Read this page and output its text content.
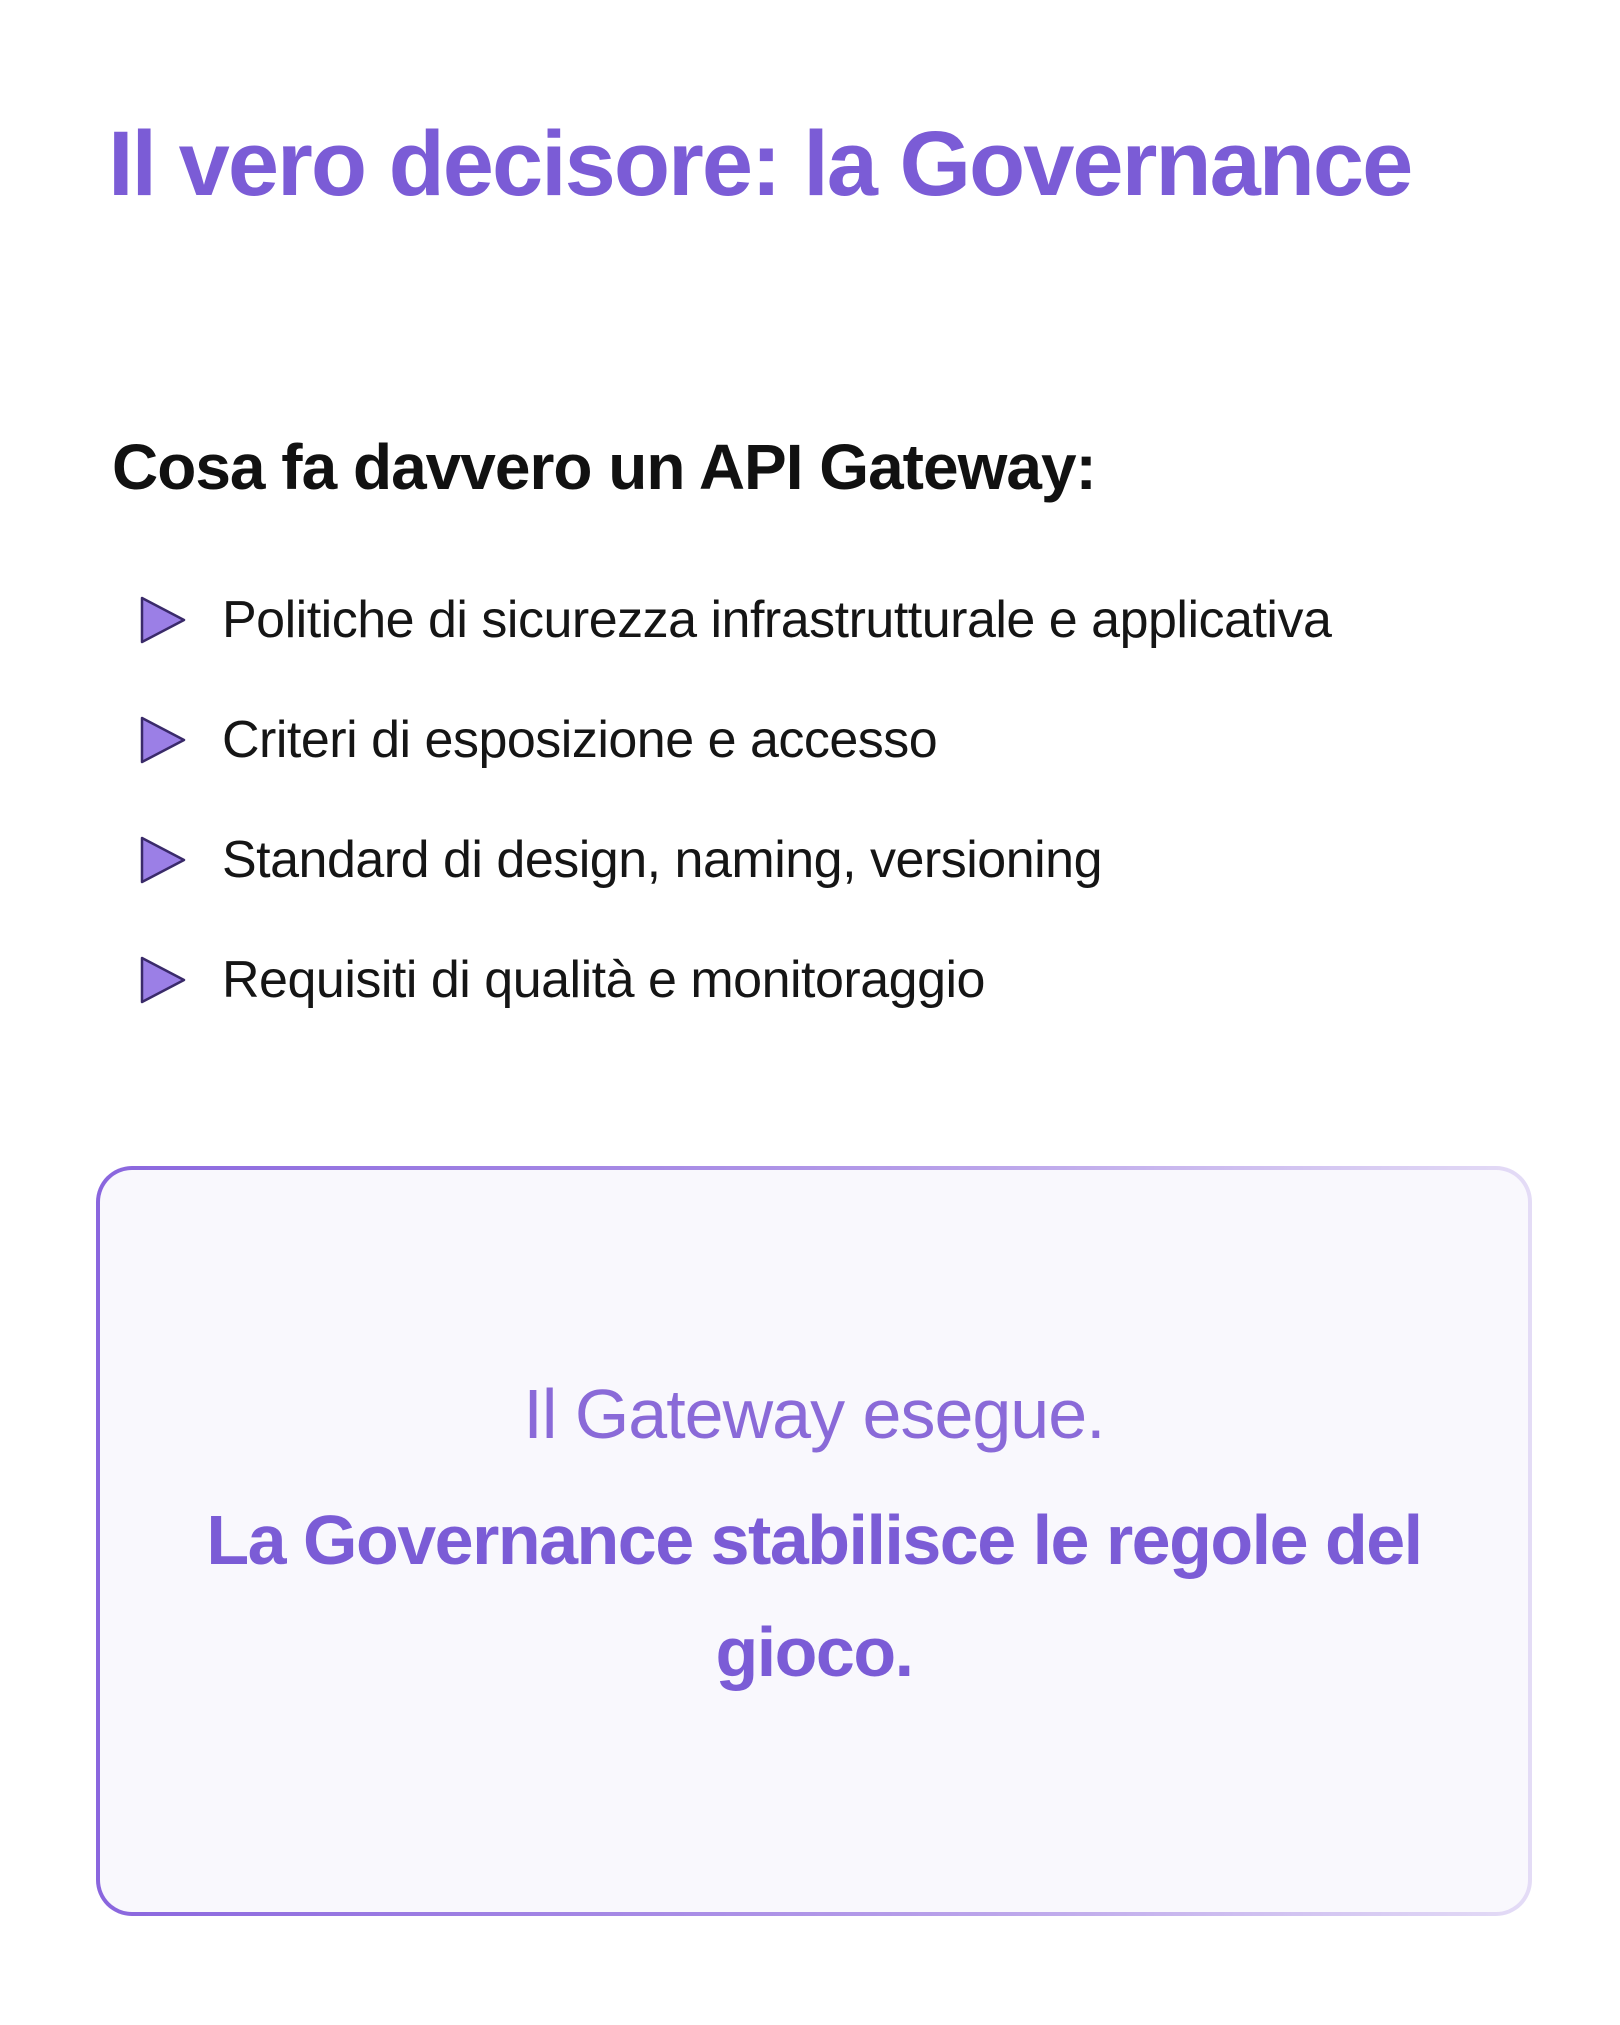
Il vero decisore: la Governance
Cosa fa davvero un API Gateway:
Politiche di sicurezza infrastrutturale e applicativa
Criteri di esposizione e accesso
Standard di design, naming, versioning
Requisiti di qualità e monitoraggio

Il Gateway esegue.

La Governance stabilisce le regole del gioco.
